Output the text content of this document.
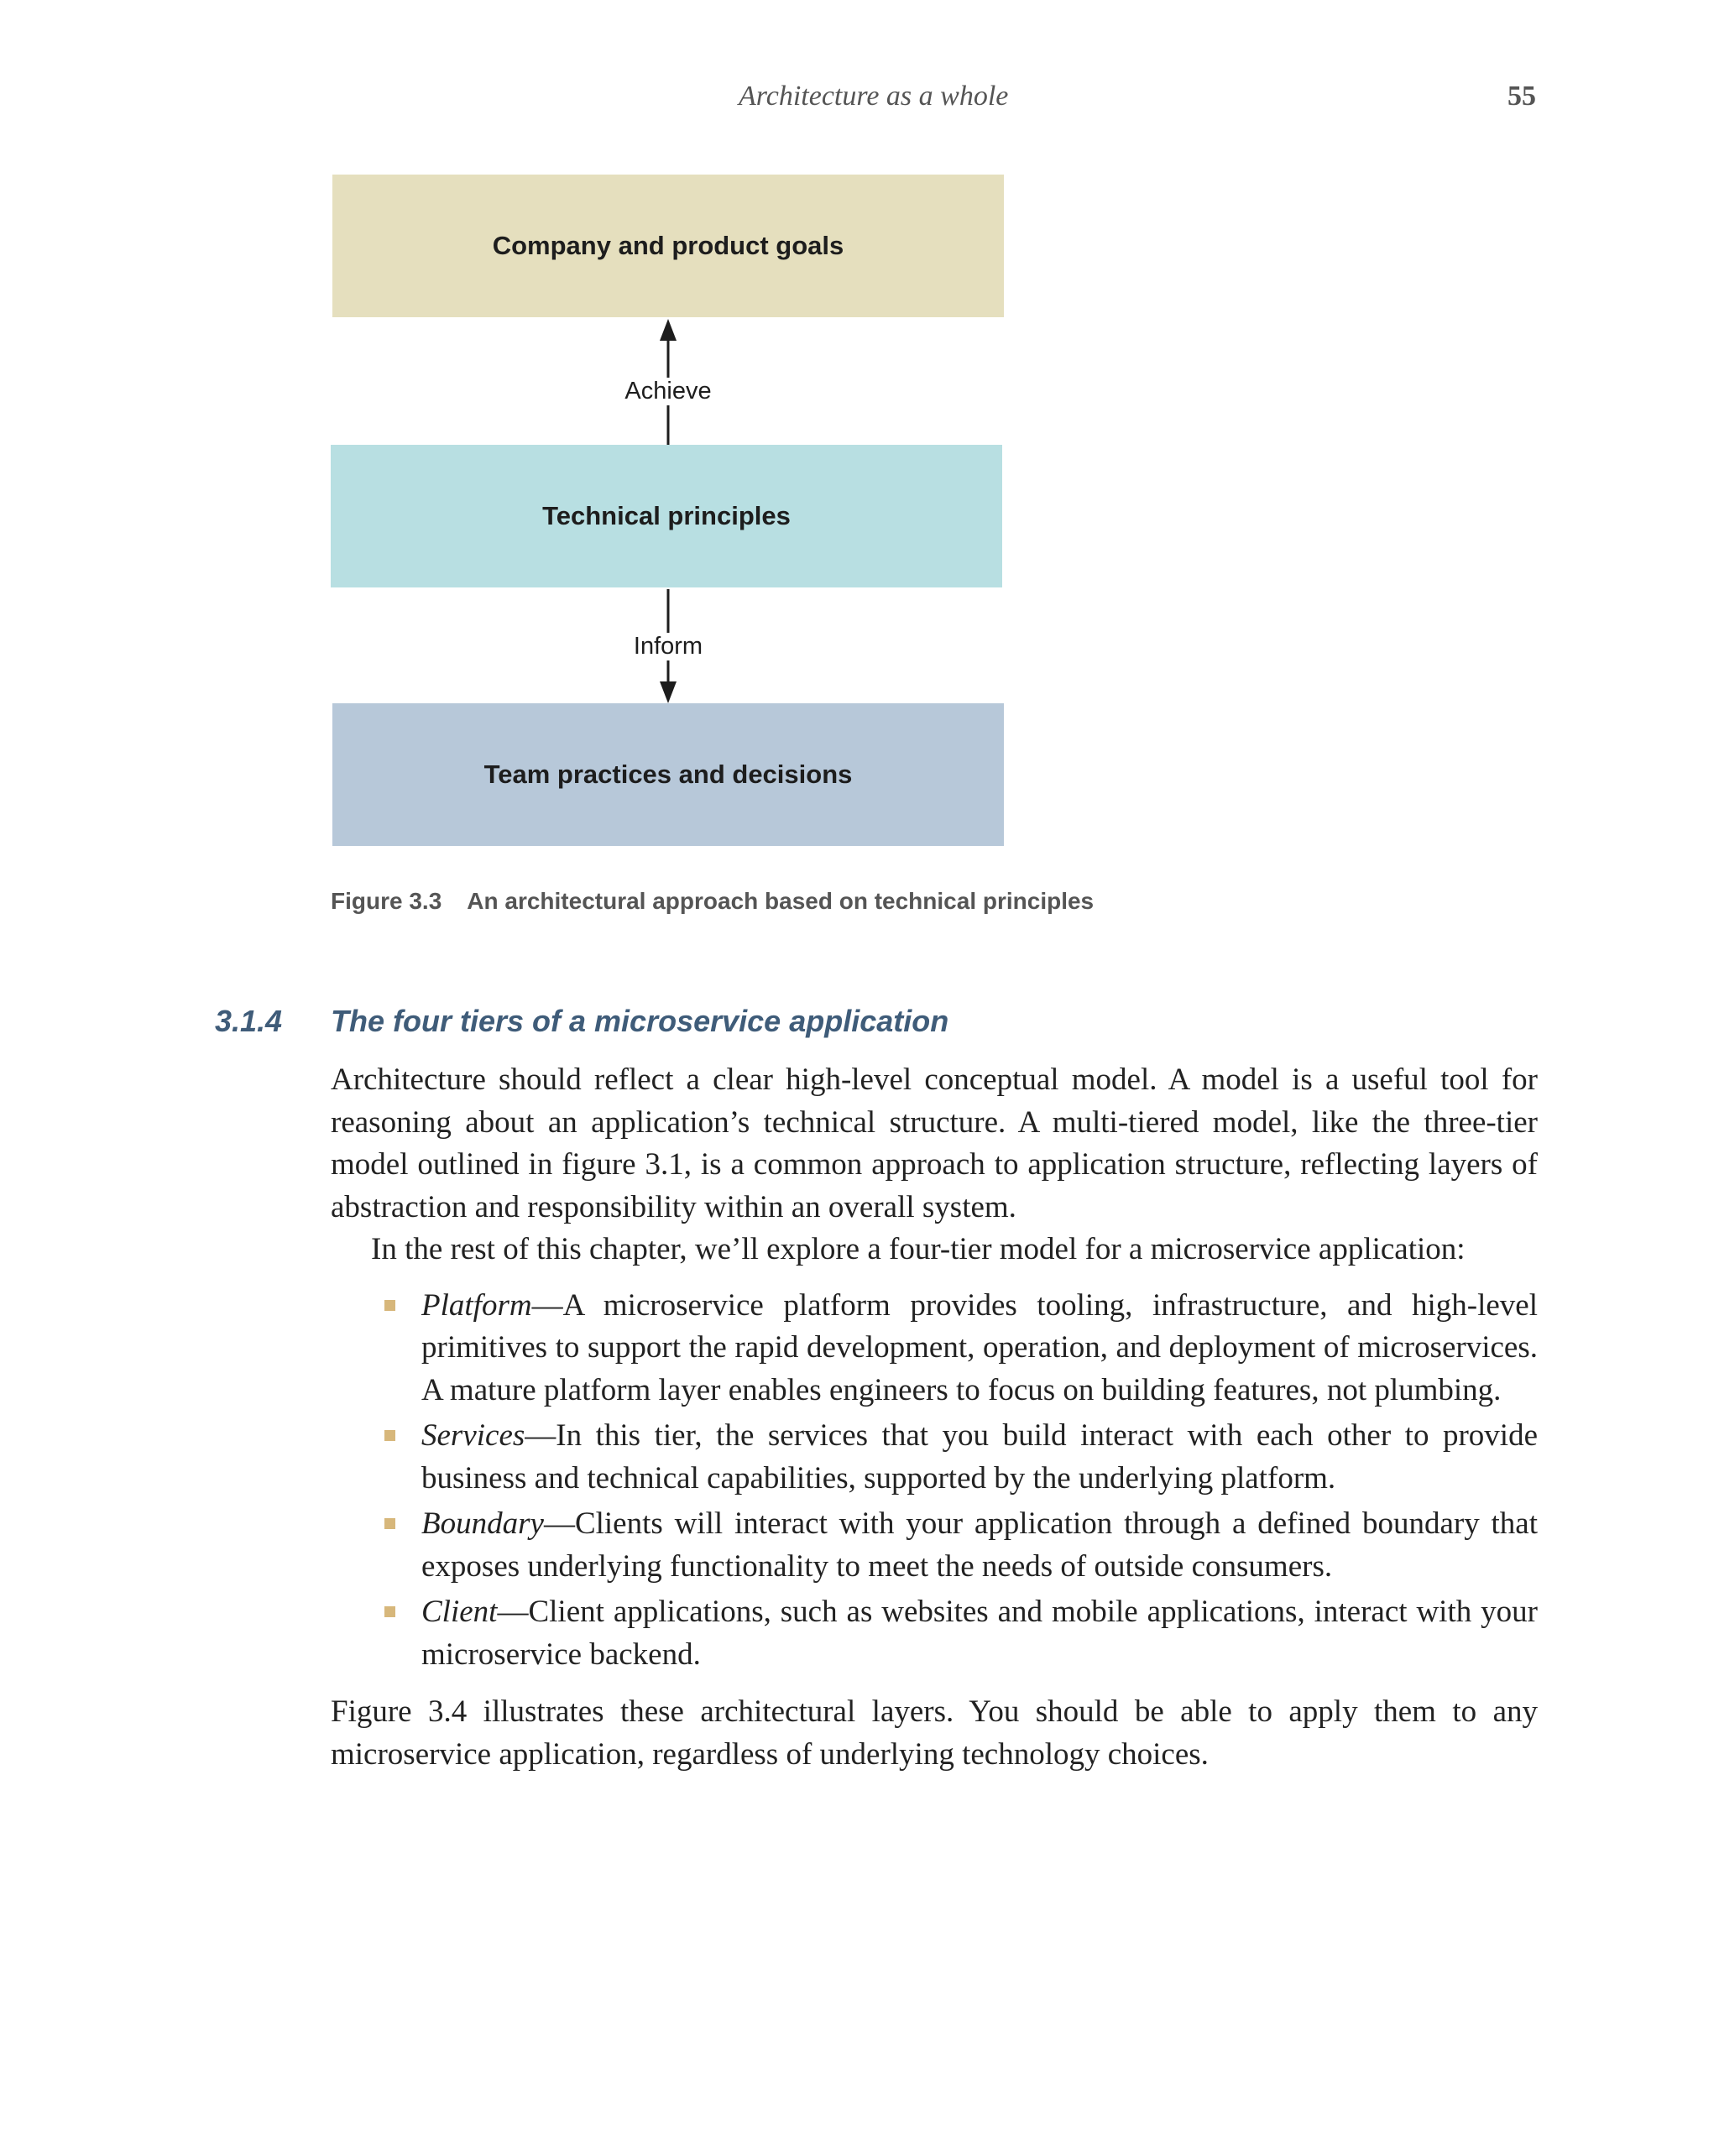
Architecture as a whole	55
Company and product goals
Achieve
Technical principles
Inform
Team practices and decisions
Figure 3.3 An architectural approach based on technical principles
3.1.4 The four tiers of a microservice application

Architecture should reflect a clear high-level conceptual model. A model is a useful tool for reasoning about an application’s technical structure. A multi-tiered model, like the three-tier model outlined in figure 3.1, is a common approach to application structure, reflecting layers of abstraction and responsibility within an overall system.

In the rest of this chapter, we’ll explore a four-tier model for a microservice application:

Platform—A microservice platform provides tooling, infrastructure, and high-level primitives to support the rapid development, operation, and deployment of microservices. A mature platform layer enables engineers to focus on building features, not plumbing.
Services—In this tier, the services that you build interact with each other to provide business and technical capabilities, supported by the underlying platform.
Boundary—Clients will interact with your application through a defined boundary that exposes underlying functionality to meet the needs of outside consumers.
Client—Client applications, such as websites and mobile applications, interact with your microservice backend.

Figure 3.4 illustrates these architectural layers. You should be able to apply them to any microservice application, regardless of underlying technology choices.
